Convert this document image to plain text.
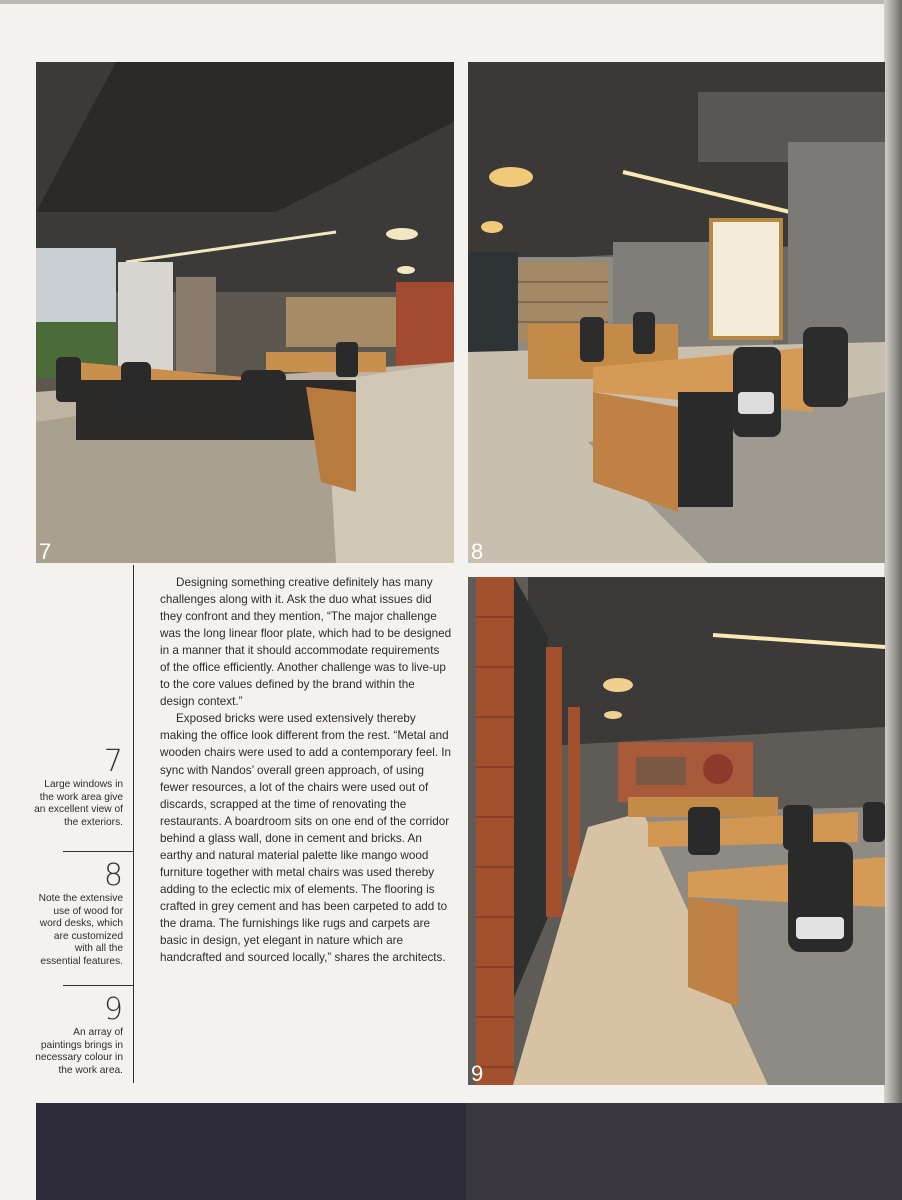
7	8
9
7
Large windows in the work area give an excellent view of the exteriors.
8
Note the extensive use of wood for word desks, which are customized with all the essential features.
9
An array of paintings brings in necessary colour in the work area.

Designing something creative definitely has many challenges along with it. Ask the duo what issues did they confront and they mention, “The major challenge was the long linear floor plate, which had to be designed in a manner that it should accommodate requirements of the office efficiently. Another challenge was to live-up to the core values defined by the brand within the design context.”

Exposed bricks were used extensively thereby making the office look different from the rest. “Metal and wooden chairs were used to add a contemporary feel. In sync with Nandos’ overall green approach, of using fewer resources, a lot of the chairs were used out of discards, scrapped at the time of renovating the restaurants. A boardroom sits on one end of the corridor behind a glass wall, done in cement and bricks. An earthy and natural material palette like mango wood furniture together with metal chairs was used thereby adding to the eclectic mix of elements. The flooring is crafted in grey cement and has been carpeted to add to the drama. The furnishings like rugs and carpets are basic in design, yet elegant in nature which are handcrafted and sourced locally,” shares the architects.
